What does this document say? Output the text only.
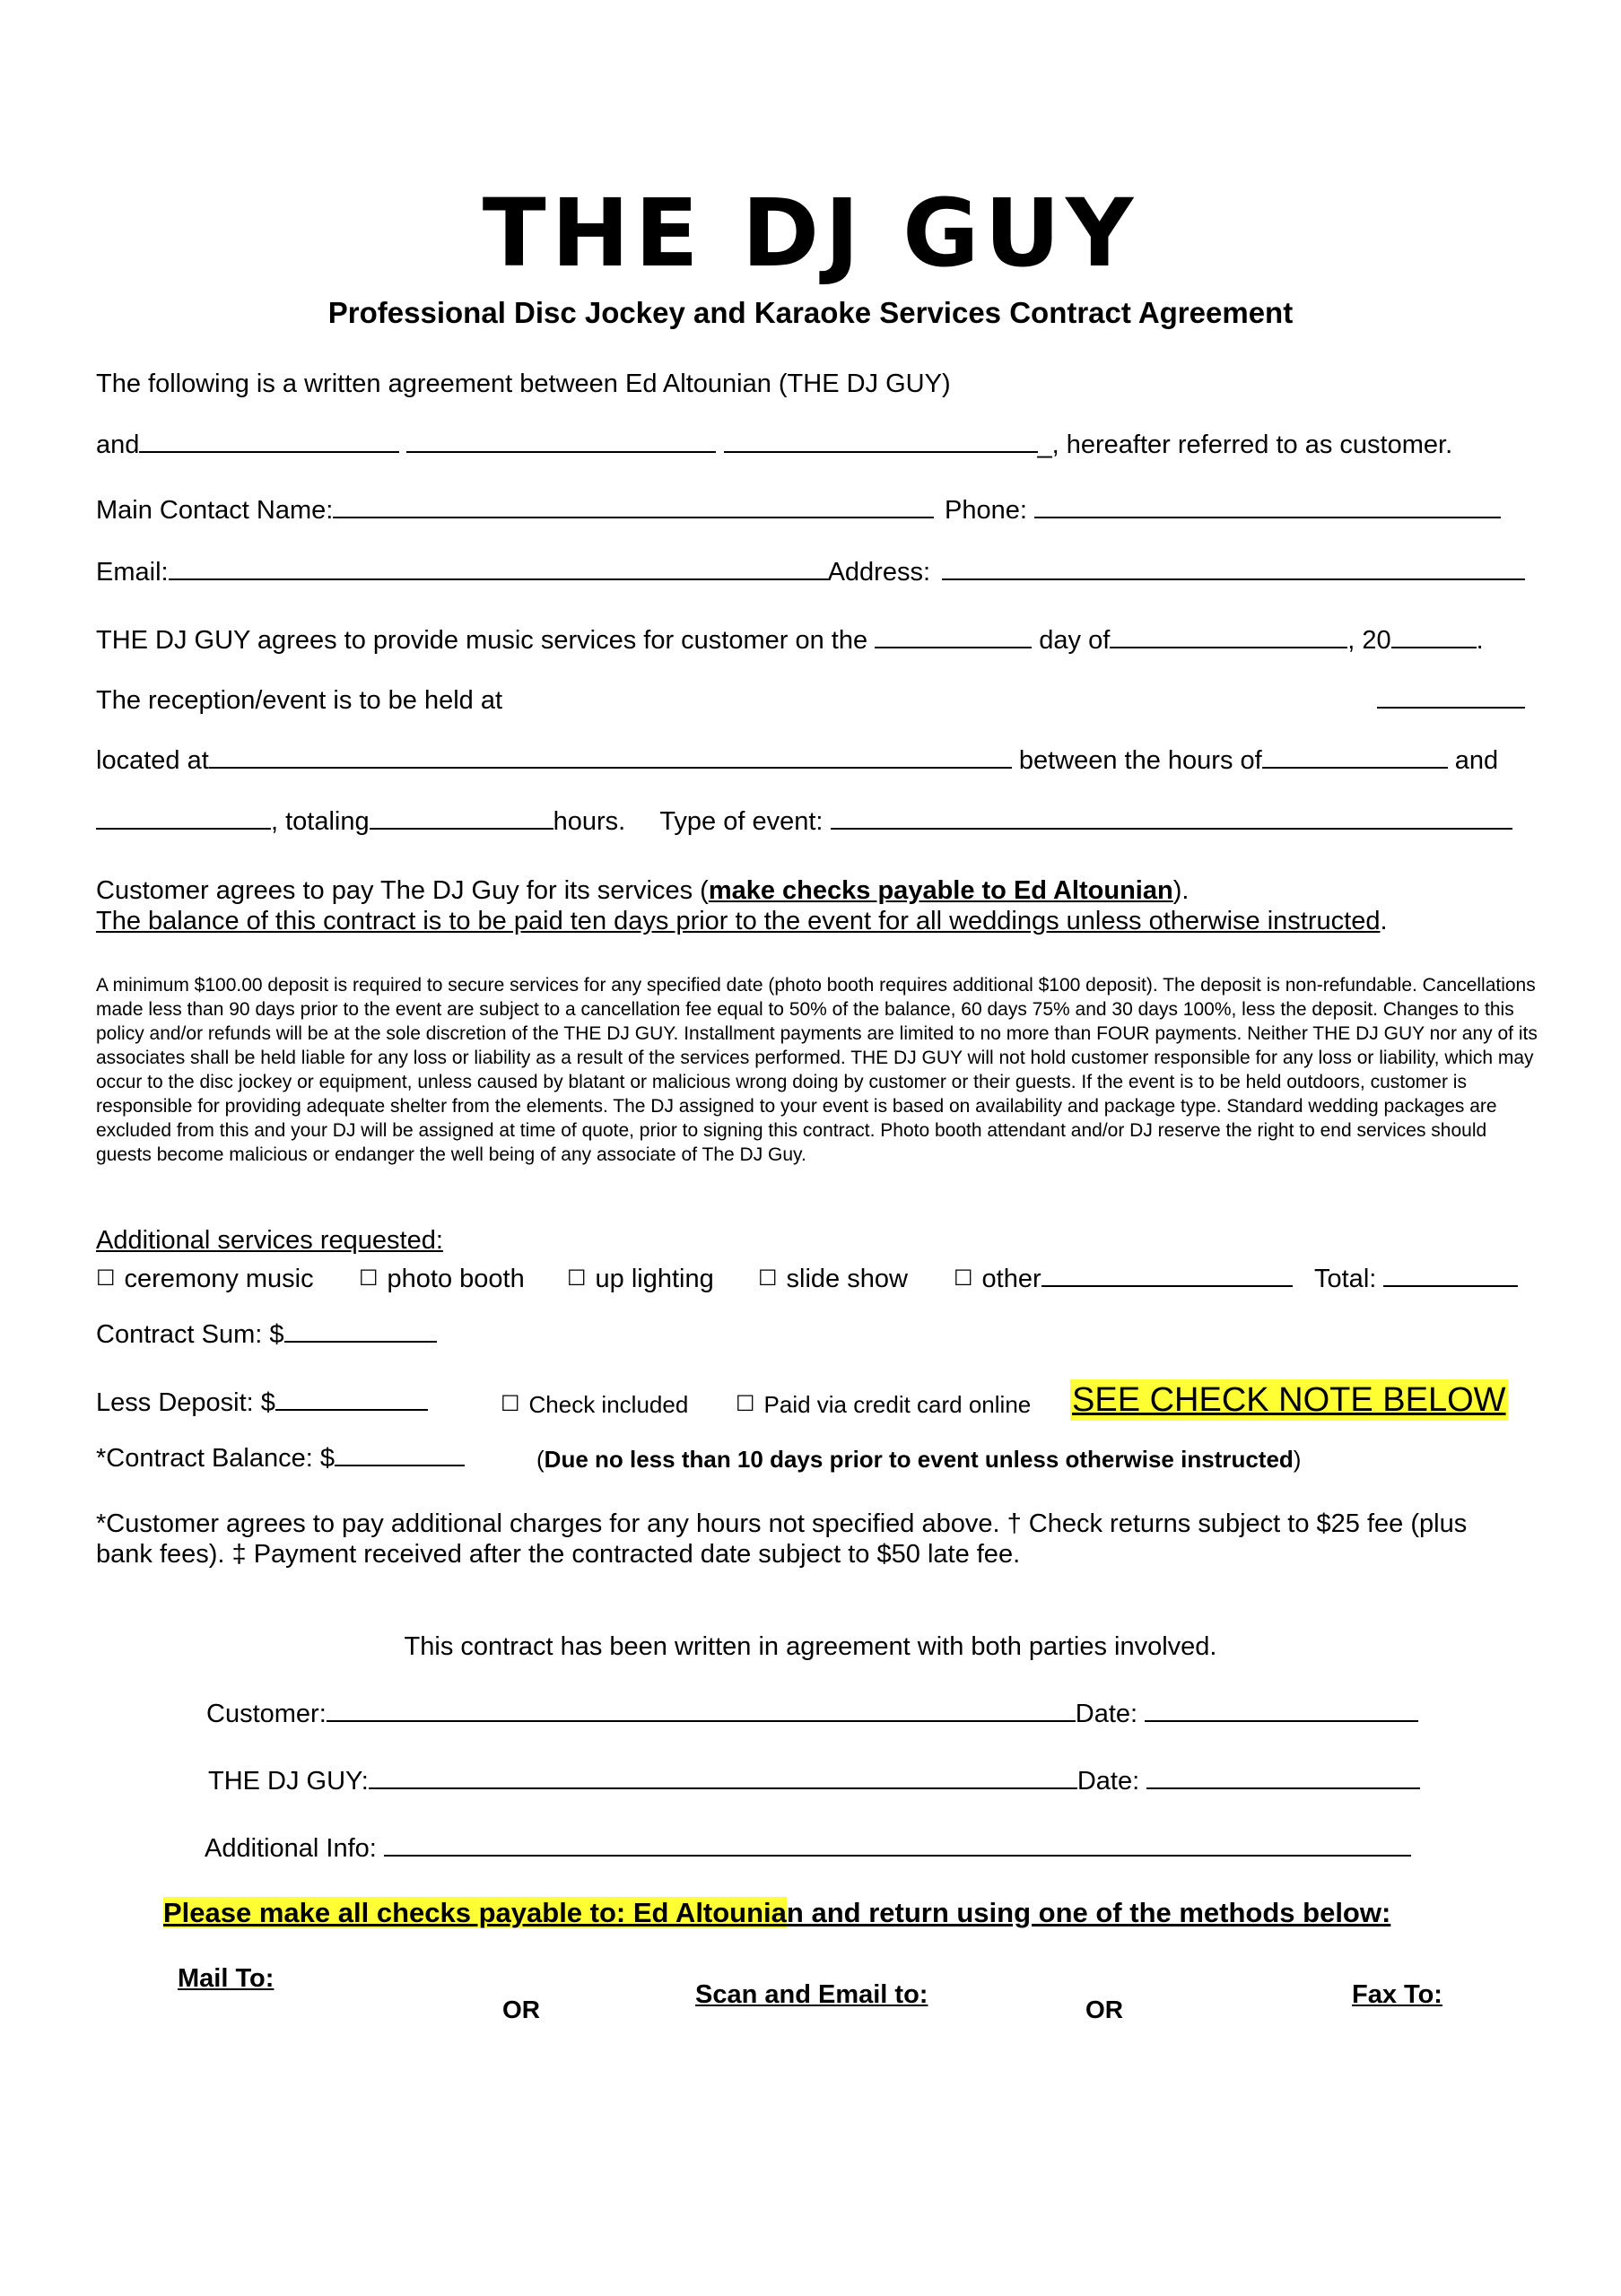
THE DJ GUY
Professional Disc Jockey and Karaoke Services Contract Agreement
The following is a written agreement between Ed Altounian (THE DJ GUY)
and	_, hereafter referred to as customer.
Main Contact Name:	Phone:
Email:	Address:
THE DJ GUY agrees to provide music services for customer on the	day of	, 20	.
The reception/event is to be held at
located at	between the hours of	and
, totaling	hours. Type of event:
Customer agrees to pay The DJ Guy for its services (make checks payable to Ed Altounian).
The balance of this contract is to be paid ten days prior to the event for all weddings unless otherwise instructed.
A minimum $100.00 deposit is required to secure services for any specified date (photo booth requires additional $100 deposit). The deposit is non-refundable. Cancellations made less than 90 days prior to the event are subject to a cancellation fee equal to 50% of the balance, 60 days 75% and 30 days 100%, less the deposit. Changes to this policy and/or refunds will be at the sole discretion of the THE DJ GUY. Installment payments are limited to no more than FOUR payments. Neither THE DJ GUY nor any of its associates shall be held liable for any loss or liability as a result of the services performed. THE DJ GUY will not hold customer responsible for any loss or liability, which may occur to the disc jockey or equipment, unless caused by blatant or malicious wrong doing by customer or their guests. If the event is to be held outdoors, customer is responsible for providing adequate shelter from the elements. The DJ assigned to your event is based on availability and package type. Standard wedding packages are excluded from this and your DJ will be assigned at time of quote, prior to signing this contract. Photo booth attendant and/or DJ reserve the right to end services should guests become malicious or endanger the well being of any associate of The DJ Guy.
Additional services requested:
☐ ceremony music ☐ photo booth ☐ up lighting ☐ slide show ☐ other	Total:
Contract Sum: $
Less Deposit: $	☐ Check included ☐ Paid via credit card online SEE CHECK NOTE BELOW
*Contract Balance: $	(Due no less than 10 days prior to event unless otherwise instructed)
*Customer agrees to pay additional charges for any hours not specified above. † Check returns subject to $25 fee (plus
bank fees). ‡ Payment received after the contracted date subject to $50 late fee.
This contract has been written in agreement with both parties involved.
Customer:	Date:
THE DJ GUY:	Date:
Additional Info:
Please make all checks payable to: Ed Altounian and return using one of the methods below:
Mail To:
OR
Scan and Email to:
OR
Fax To:
